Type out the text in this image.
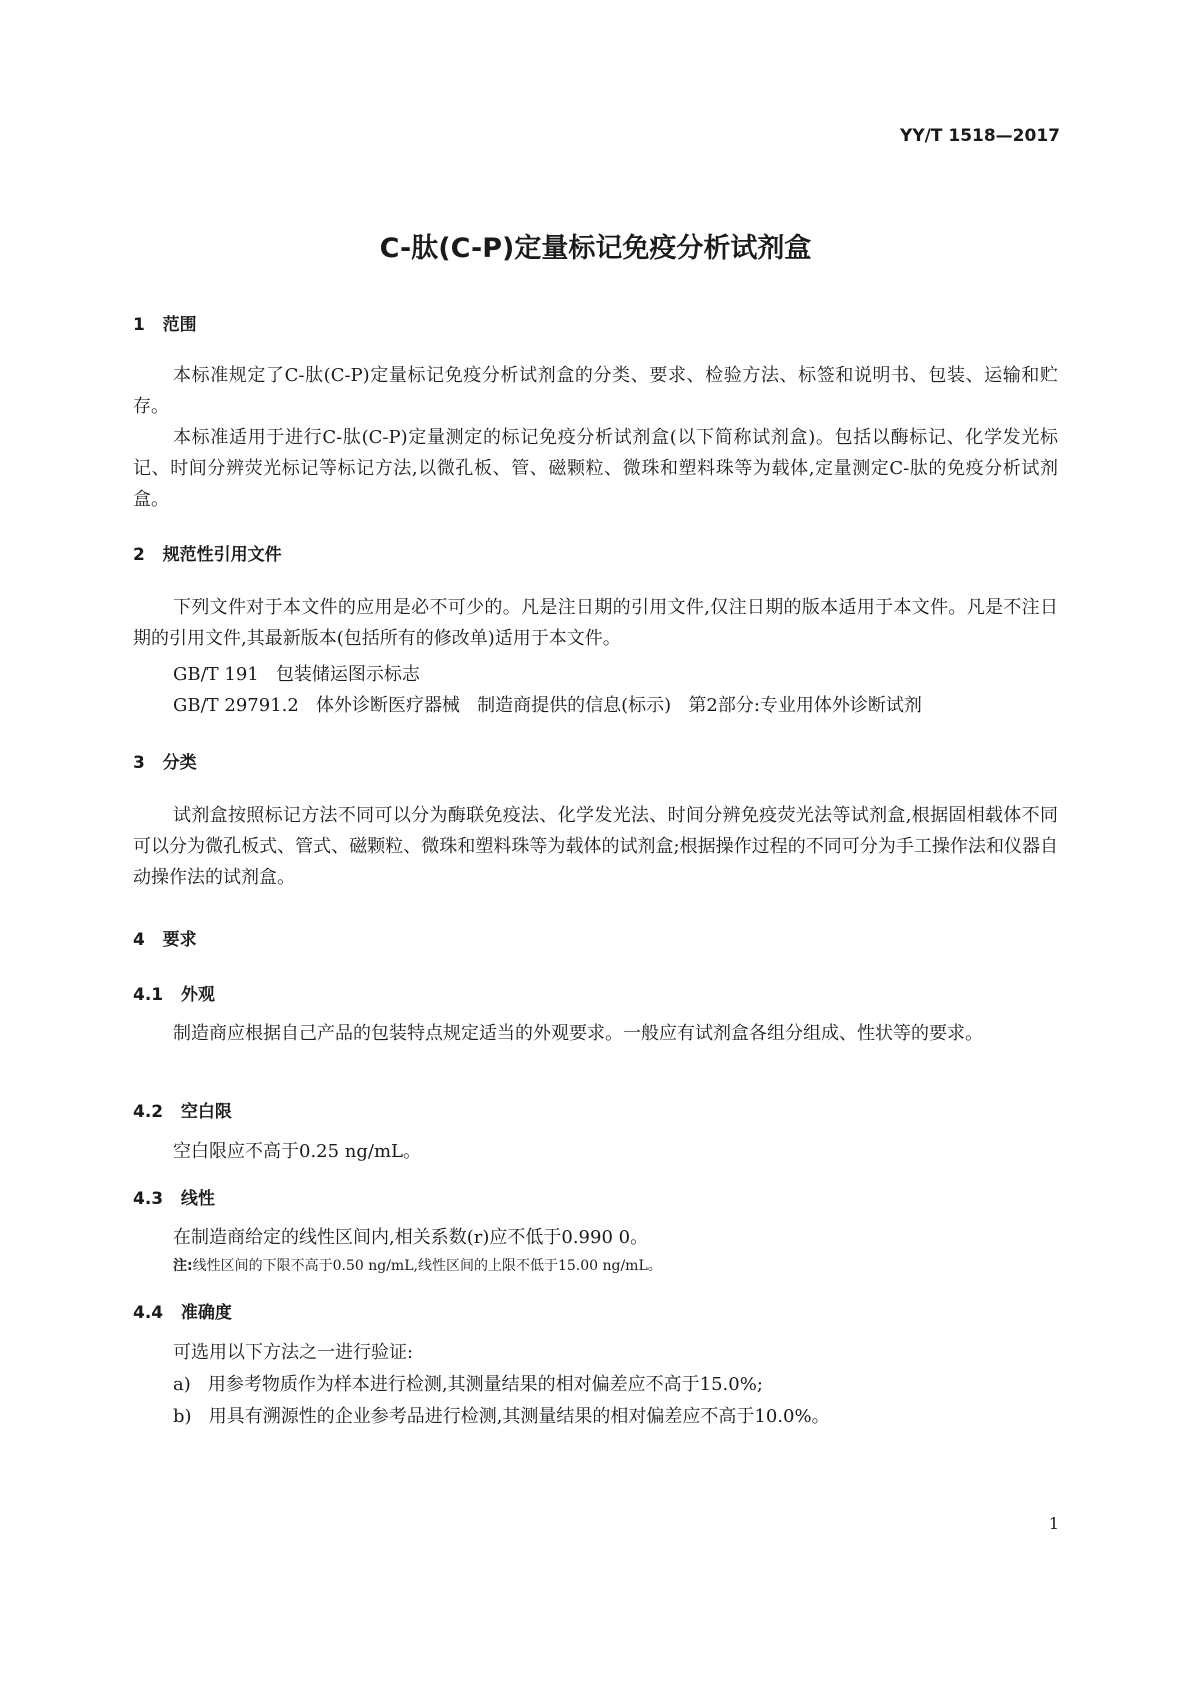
YY/T 1518—2017
C-肽(C-P)定量标记免疫分析试剂盒
1   范围
本标准规定了C-肽(C-P)定量标记免疫分析试剂盒的分类、要求、检验方法、标签和说明书、包装、运输和贮存。
本标准适用于进行C-肽(C-P)定量测定的标记免疫分析试剂盒(以下简称试剂盒)。包括以酶标记、化学发光标记、时间分辨荧光标记等标记方法,以微孔板、管、磁颗粒、微珠和塑料珠等为载体,定量测定C-肽的免疫分析试剂盒。
2   规范性引用文件
下列文件对于本文件的应用是必不可少的。凡是注日期的引用文件,仅注日期的版本适用于本文件。凡是不注日期的引用文件,其最新版本(包括所有的修改单)适用于本文件。
GB/T 191   包装储运图示标志
GB/T 29791.2   体外诊断医疗器械   制造商提供的信息(标示)   第2部分:专业用体外诊断试剂
3   分类
试剂盒按照标记方法不同可以分为酶联免疫法、化学发光法、时间分辨免疫荧光法等试剂盒,根据固相载体不同可以分为微孔板式、管式、磁颗粒、微珠和塑料珠等为载体的试剂盒;根据操作过程的不同可分为手工操作法和仪器自动操作法的试剂盒。
4   要求
4.1   外观
制造商应根据自己产品的包装特点规定适当的外观要求。一般应有试剂盒各组分组成、性状等的要求。
4.2   空白限
空白限应不高于0.25 ng/mL。
4.3   线性
在制造商给定的线性区间内,相关系数(r)应不低于0.990 0。
注:线性区间的下限不高于0.50 ng/mL,线性区间的上限不低于15.00 ng/mL。
4.4   准确度
可选用以下方法之一进行验证:
a)   用参考物质作为样本进行检测,其测量结果的相对偏差应不高于15.0%;
b)   用具有溯源性的企业参考品进行检测,其测量结果的相对偏差应不高于10.0%。
1
